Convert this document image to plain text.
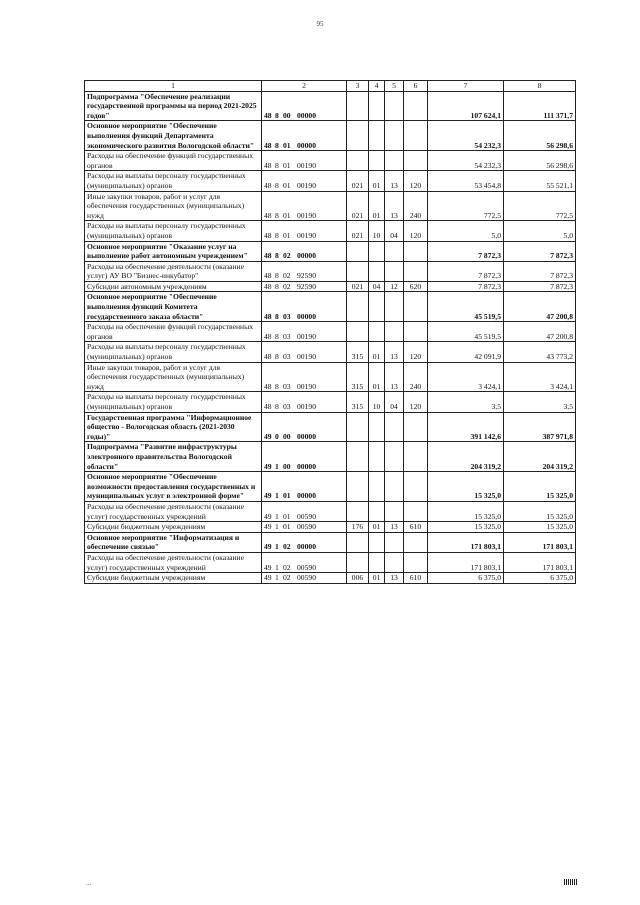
95
1	2	3	4	5	6	7	8
Подпрограмма "Обеспечение реализации государственной программы на период 2021-2025 годов"	48 8 00 00000					107 624,1	111 371,7
Основное мероприятие "Обеспечение выполнения функций Департамента экономического развития Вологодской области"	48 8 01 00000					54 232,3	56 298,6
Расходы на обеспечение функций государственных органов	48 8 01 00190					54 232,3	56 298,6
Расходы на выплаты персоналу государственных (муниципальных) органов	48 8 01 00190	021	01	13	120	53 454,8	55 521,1
Иные закупки товаров, работ и услуг для обеспечения государственных (муниципальных) нужд	48 8 01 00190	021	01	13	240	772,5	772,5
Расходы на выплаты персоналу государственных (муниципальных) органов	48 8 01 00190	021	10	04	120	5,0	5,0
Основное мероприятие "Оказание услуг на выполнение работ автономным учреждением"	48 8 02 00000					7 872,3	7 872,3
Расходы на обеспечение деятельности (оказание услуг) АУ ВО "Бизнес-инкубатор"	48 8 02 92590					7 872,3	7 872,3
Субсидии автономным учреждениям	48 8 02 92590	021	04	12	620	7 872,3	7 872,3
Основное мероприятие "Обеспечение выполнения функций Комитета государственного заказа области"	48 8 03 00000					45 519,5	47 200,8
Расходы на обеспечение функций государственных органов	48 8 03 00190					45 519,5	47 200,8
Расходы на выплаты персоналу государственных (муниципальных) органов	48 8 03 00190	315	01	13	120	42 091,9	43 773,2
Иные закупки товаров, работ и услуг для обеспечения государственных (муниципальных) нужд	48 8 03 00190	315	01	13	240	3 424,1	3 424,1
Расходы на выплаты персоналу государственных (муниципальных) органов	48 8 03 00190	315	10	04	120	3,5	3,5
Государственная программа "Информационное общество - Вологодская область (2021-2030 годы)"	49 0 00 00000					391 142,6	387 971,8
Подпрограмма "Развитие инфраструктуры электронного правительства Вологодской области"	49 1 00 00000					204 319,2	204 319,2
Основное мероприятие "Обеспечение возможности предоставления государственных и муниципальных услуг в электронной форме"	49 1 01 00000					15 325,0	15 325,0
Расходы на обеспечение деятельности (оказание услуг) государственных учреждений	49 1 01 00590					15 325,0	15 325,0
Субсидии бюджетным учреждениям	49 1 01 00590	176	01	13	610	15 325,0	15 325,0
Основное мероприятие "Информатизация и обеспечение связью"	49 1 02 00000					171 803,1	171 803,1
Расходы на обеспечение деятельности (оказание услуг) государственных учреждений	49 1 02 00590					171 803,1	171 803,1
Субсидии бюджетным учреждениям	49 1 02 00590	006	01	13	610	6 375,0	6 375,0
...
